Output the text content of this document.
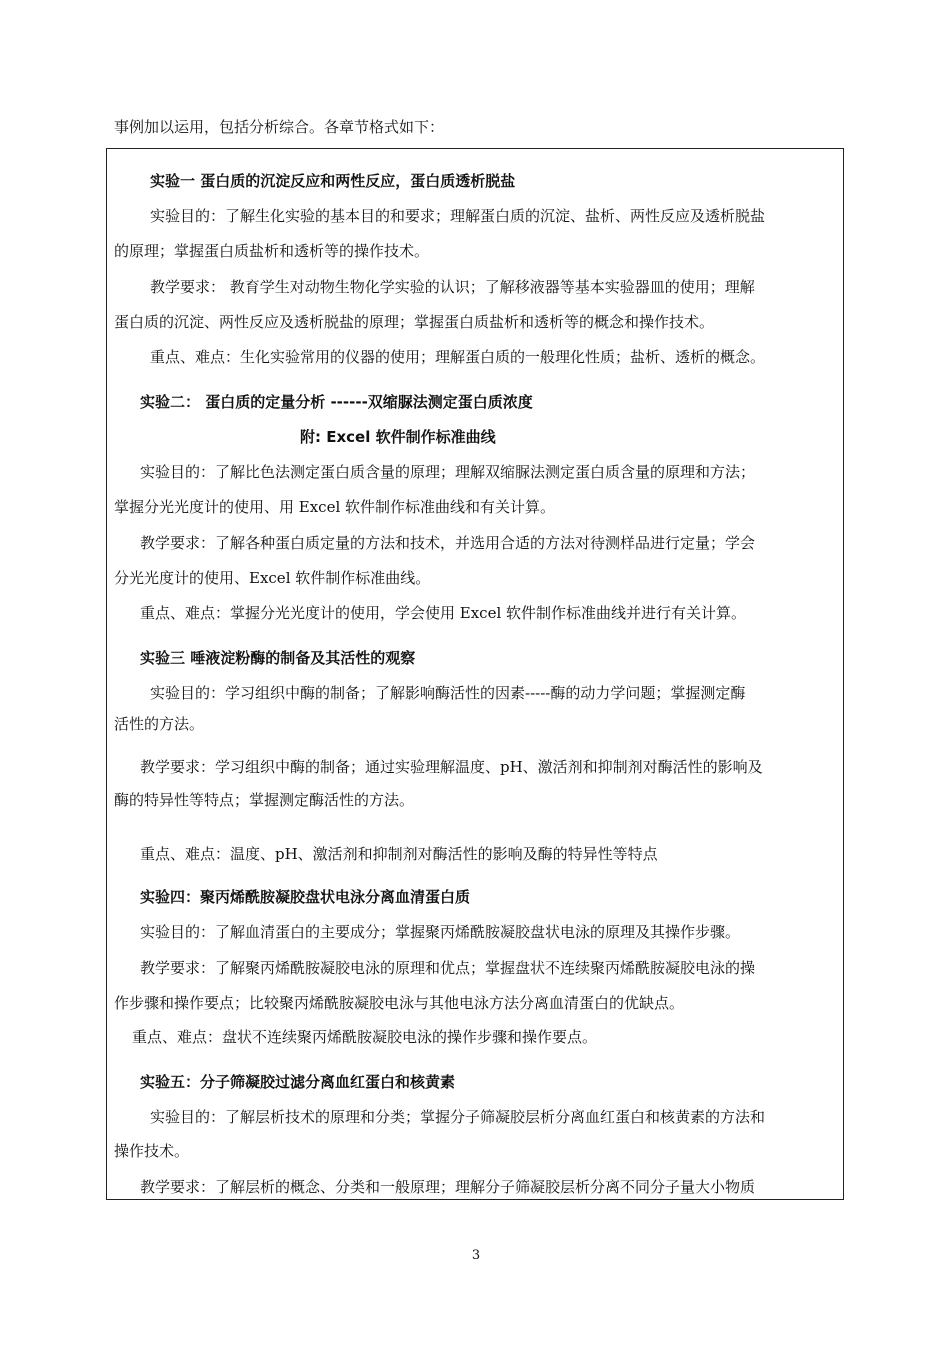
事例加以运用，包括分析综合。各章节格式如下：
实验一 蛋白质的沉淀反应和两性反应，蛋白质透析脱盐
实验目的：了解生化实验的基本目的和要求；理解蛋白质的沉淀、盐析、两性反应及透析脱盐
的原理；掌握蛋白质盐析和透析等的操作技术。
教学要求： 教育学生对动物生物化学实验的认识；了解移液器等基本实验器皿的使用；理解
蛋白质的沉淀、两性反应及透析脱盐的原理；掌握蛋白质盐析和透析等的概念和操作技术。
重点、难点：生化实验常用的仪器的使用；理解蛋白质的一般理化性质；盐析、透析的概念。
实验二： 蛋白质的定量分析 ------双缩脲法测定蛋白质浓度
附: Excel 软件制作标准曲线
实验目的：了解比色法测定蛋白质含量的原理；理解双缩脲法测定蛋白质含量的原理和方法；
掌握分光光度计的使用、用 Excel 软件制作标准曲线和有关计算。
教学要求：了解各种蛋白质定量的方法和技术，并选用合适的方法对待测样品进行定量；学会
分光光度计的使用、Excel 软件制作标准曲线。
重点、难点：掌握分光光度计的使用，学会使用 Excel 软件制作标准曲线并进行有关计算。
实验三 唾液淀粉酶的制备及其活性的观察
实验目的：学习组织中酶的制备；了解影响酶活性的因素-----酶的动力学问题；掌握测定酶
活性的方法。
教学要求：学习组织中酶的制备；通过实验理解温度、pH、激活剂和抑制剂对酶活性的影响及
酶的特异性等特点；掌握测定酶活性的方法。
重点、难点：温度、pH、激活剂和抑制剂对酶活性的影响及酶的特异性等特点
实验四：聚丙烯酰胺凝胶盘状电泳分离血清蛋白质
实验目的：了解血清蛋白的主要成分；掌握聚丙烯酰胺凝胶盘状电泳的原理及其操作步骤。
教学要求：了解聚丙烯酰胺凝胶电泳的原理和优点；掌握盘状不连续聚丙烯酰胺凝胶电泳的操
作步骤和操作要点；比较聚丙烯酰胺凝胶电泳与其他电泳方法分离血清蛋白的优缺点。
重点、难点：盘状不连续聚丙烯酰胺凝胶电泳的操作步骤和操作要点。
实验五：分子筛凝胶过滤分离血红蛋白和核黄素
实验目的：了解层析技术的原理和分类；掌握分子筛凝胶层析分离血红蛋白和核黄素的方法和
操作技术。
教学要求：了解层析的概念、分类和一般原理；理解分子筛凝胶层析分离不同分子量大小物质
3
